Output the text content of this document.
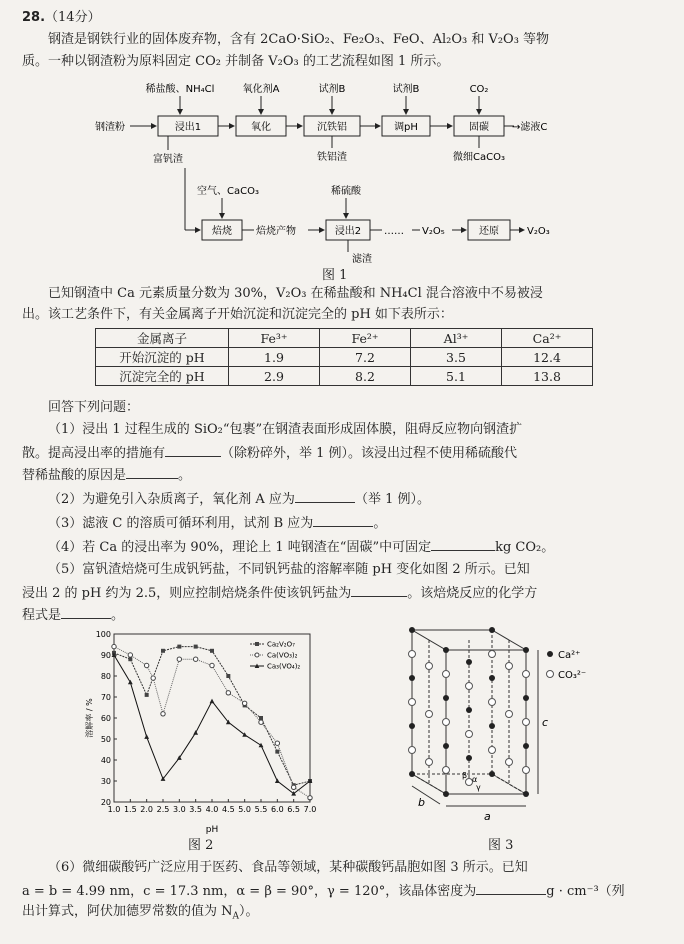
28.（14分）
钢渣是钢铁行业的固体废弃物，含有 2CaO·SiO₂、Fe₂O₃、FeO、Al₂O₃ 和 V₂O₃ 等物
质。一种以钢渣粉为原料固定 CO₂ 并制备 V₂O₃ 的工艺流程如图 1 所示。
钢渣粉	浸出1	氧化	沉铁铝	调pH	固碳 →滤液C
稀盐酸、NH₄Cl	氧化剂A	试剂B	试剂B	CO₂
铁铝渣	微细CaCO₃
富钒渣
空气、CaCO₃
焙烧 焙烧产物
稀硫酸
浸出2
滤渣
…… V₂O₅	还原	V₂O₃
图 1
已知钢渣中 Ca 元素质量分数为 30%，V₂O₃ 在稀盐酸和 NH₄Cl 混合溶液中不易被浸
出。该工艺条件下，有关金属离子开始沉淀和沉淀完全的 pH 如下表所示：
金属离子	Fe³⁺	Fe²⁺	Al³⁺	Ca²⁺
开始沉淀的 pH	1.9	7.2	3.5	12.4
沉淀完全的 pH	2.9	8.2	5.1	13.8
回答下列问题：
（1）浸出 1 过程生成的 SiO₂“包裹”在钢渣表面形成固体膜，阻碍反应物向钢渣扩
散。提高浸出率的措施有	（除粉碎外，举 1 例）。该浸出过程不使用稀硫酸代
替稀盐酸的原因是	。
（2）为避免引入杂质离子，氧化剂 A 应为	（举 1 例）。
（3）滤液 C 的溶质可循环利用，试剂 B 应为	。
（4）若 Ca 的浸出率为 90%，理论上 1 吨钢渣在“固碳”中可固定	kg CO₂。
（5）富钒渣焙烧可生成钒钙盐，不同钒钙盐的溶解率随 pH 变化如图 2 所示。已知
浸出 2 的 pH 约为 2.5，则应控制焙烧条件使该钒钙盐为	。该焙烧反应的化学方
程式是	。
1.0 1.5 2.0 2.5 3.0 3.5 4.0 4.5 5.0 5.5 6.0 6.5 7.0
20
30
40
50
60
70
80
90
100
Ca₂V₂O₇
Ca(VO₃)₂
Ca₃(VO₄)₂
pH
溶解率 / %
图 2
Ca²⁺
CO₃²⁻
c
a
b
α
β
γ
图 3
（6）微细碳酸钙广泛应用于医药、食品等领域，某种碳酸钙晶胞如图 3 所示。已知
a = b = 4.99 nm，c = 17.3 nm，α = β = 90°，γ = 120°，该晶体密度为	g · cm⁻³（列
出计算式，阿伏加德罗常数的值为 $N_A$）。
